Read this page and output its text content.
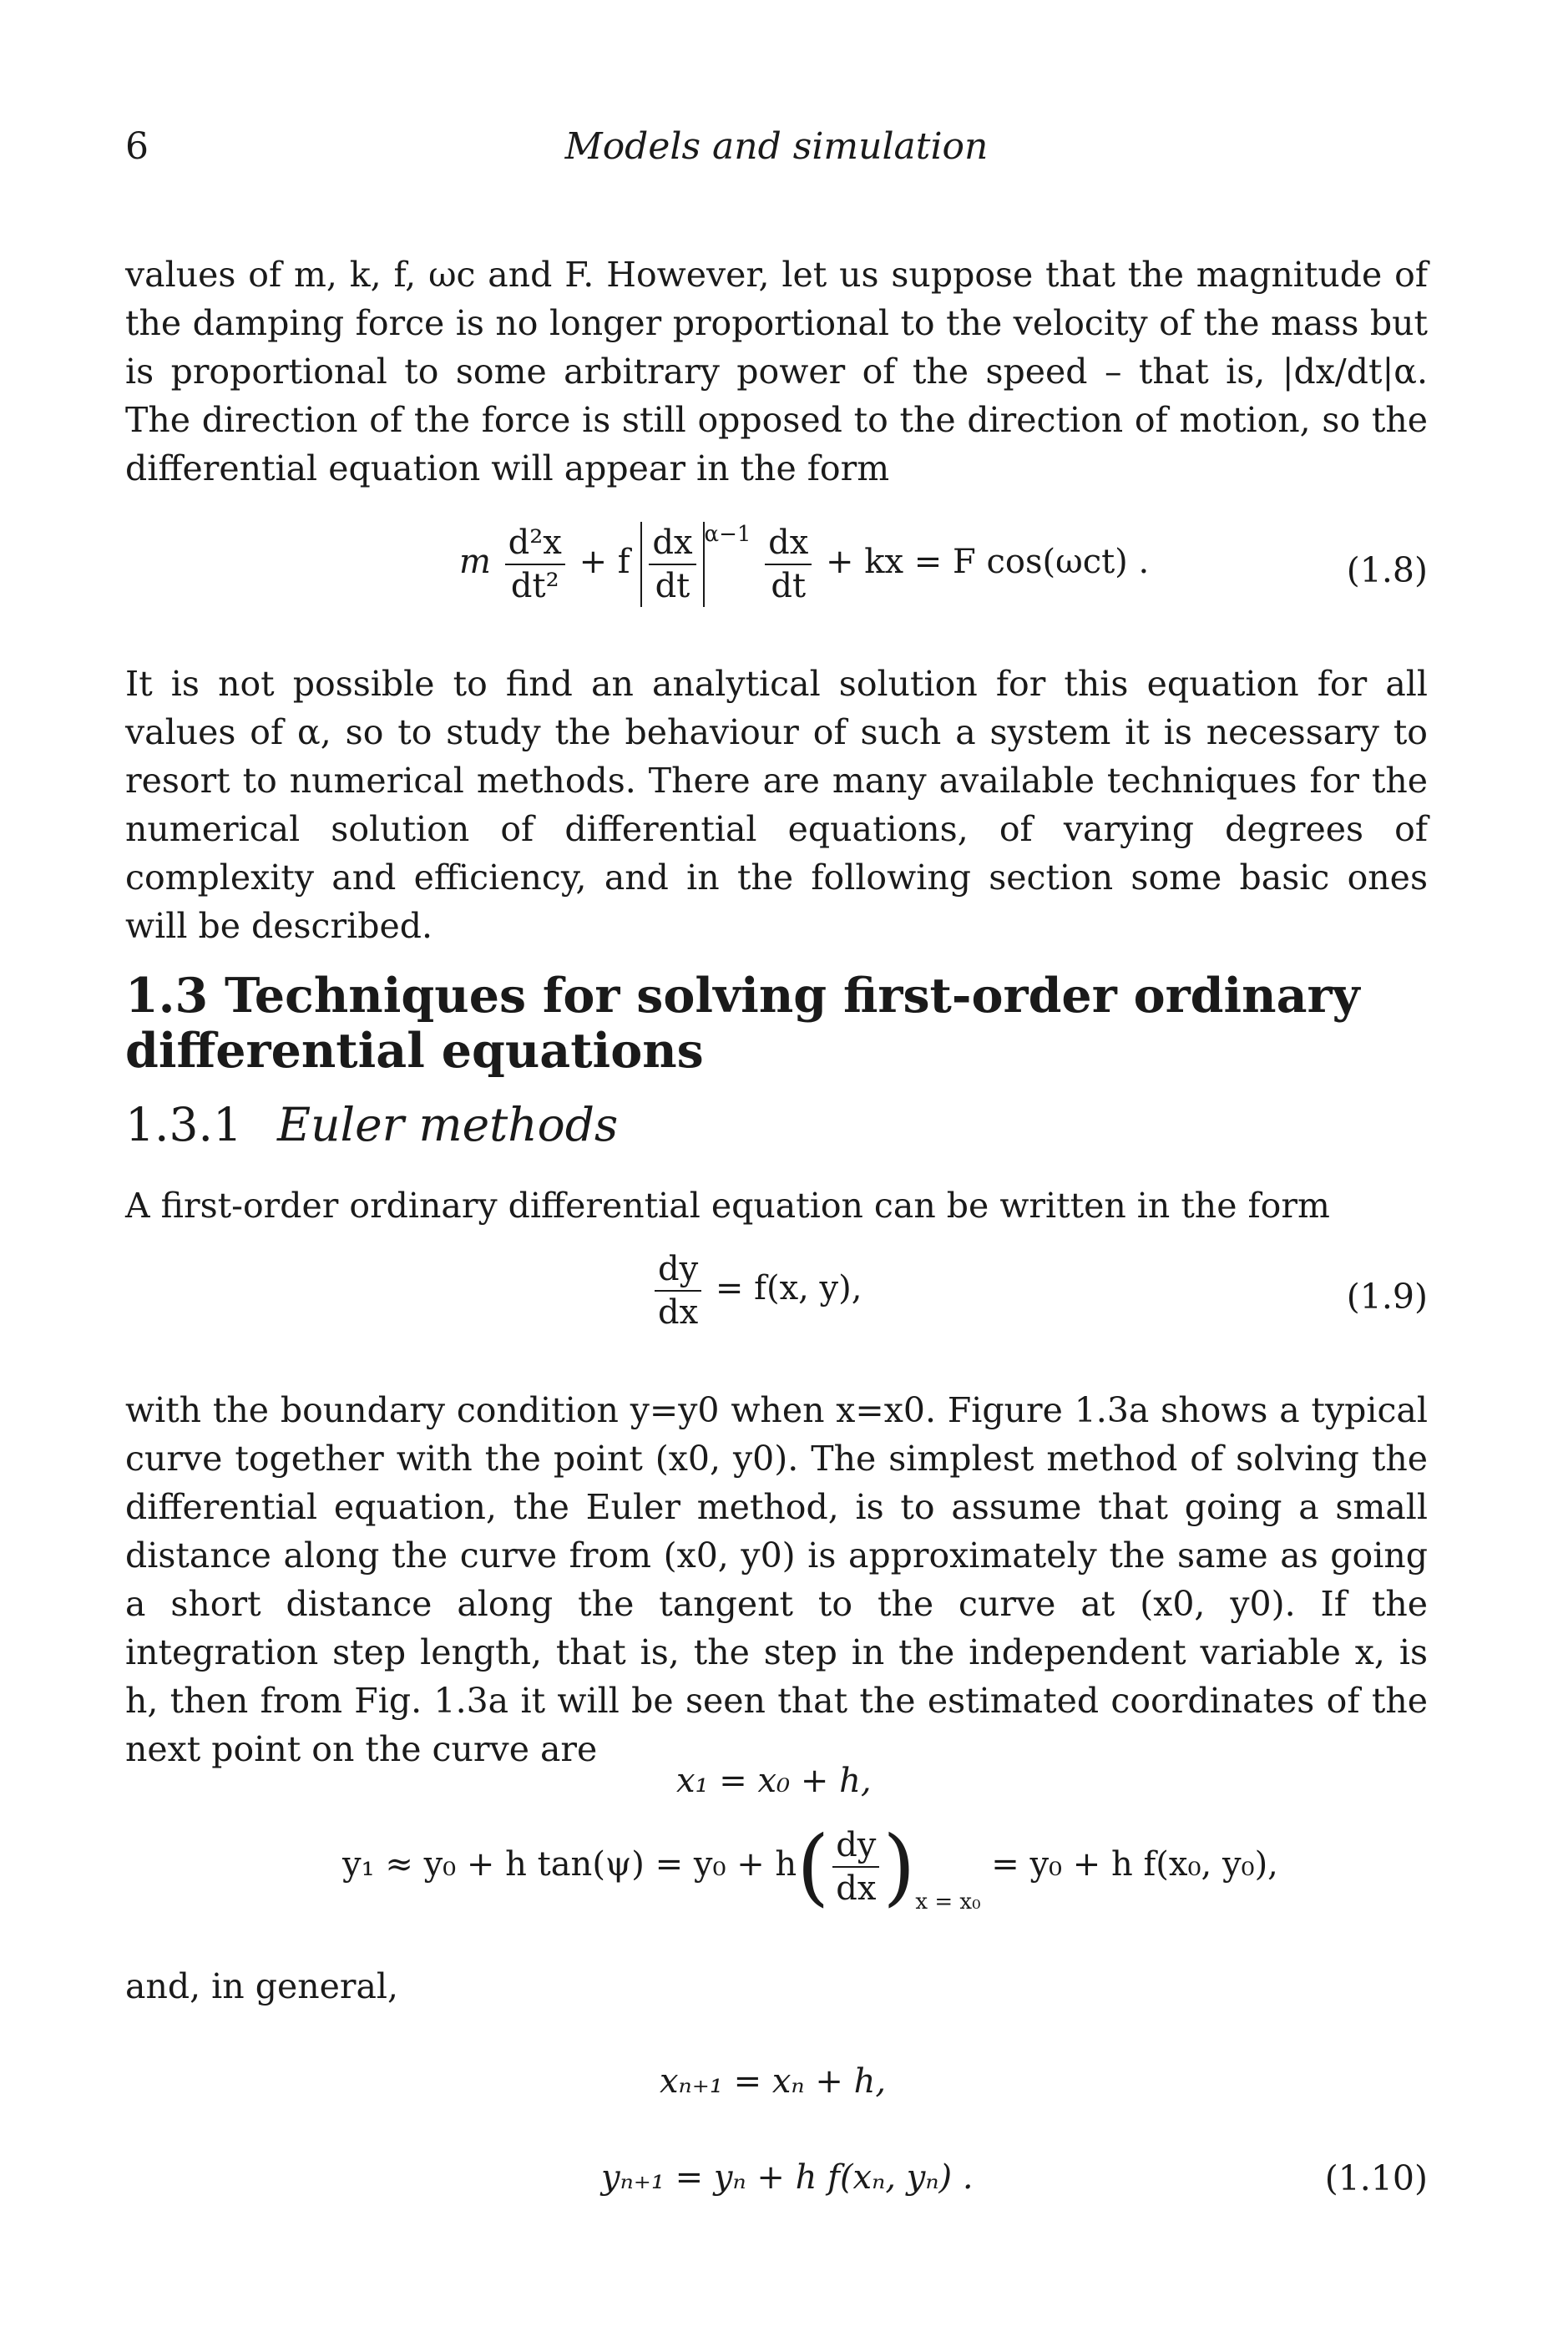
6	Models and simulation

values of m, k, f, ωc and F. However, let us suppose that the magnitude of the damping force is no longer proportional to the velocity of the mass but is proportional to some arbitrary power of the speed – that is, |dx/dt|α. The direction of the force is still opposed to the direction of motion, so the differential equation will appear in the form

m $\frac{\text{d²x}}{\text{dt²}} + f \frac{dx}{dt} ^{\alpha-1} \frac{dx}{dt}$ + kx = F cos(ωct) .	(1.8)

It is not possible to find an analytical solution for this equation for all values of α, so to study the behaviour of such a system it is necessary to resort to numerical methods. There are many available techniques for the numerical solution of differential equations, of varying degrees of complexity and efficiency, and in the following section some basic ones will be described.

1.3 Techniques for solving first-order ordinary differential equations
1.3.1 Euler methods

A first-order ordinary differential equation can be written in the form

$\frac{dy}{dx} = f(x$, y),	(1.9)

with the boundary condition y=y0 when x=x0. Figure 1.3a shows a typical curve together with the point (x0, y0). The simplest method of solving the differential equation, the Euler method, is to assume that going a small distance along the curve from (x0, y0) is approximately the same as going a short distance along the tangent to the curve at (x0, y0). If the integration step length, that is, the step in the independent variable x, is h, then from Fig. 1.3a it will be seen that the estimated coordinates of the next point on the curve are

x₁ = x₀ + h,
y₁ ≈ y₀ + h $\tan(\psi) = y_0 + h( \frac{dy}{dx} )_{x = x_0} = y_0 + h$ f(x₀, y₀),

and, in general,

xₙ₊₁ = xₙ + h,
yₙ₊₁ = yₙ + h f(xₙ, yₙ) .	(1.10)
